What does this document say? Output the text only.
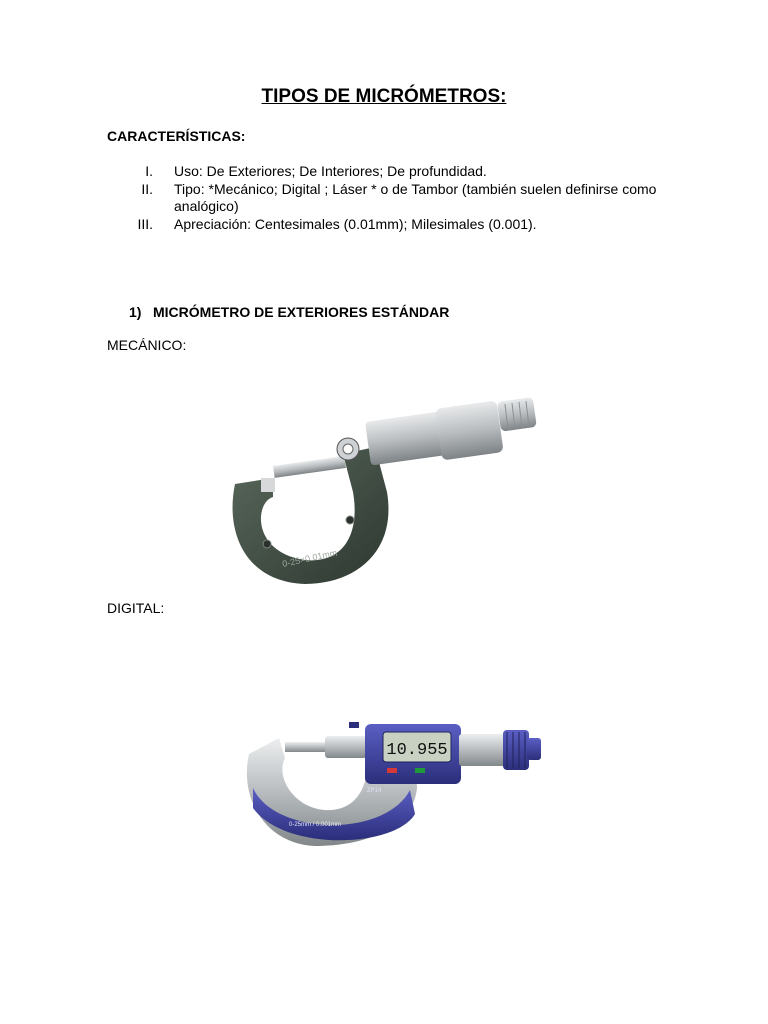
TIPOS DE MICRÓMETROS:
CARACTERÍSTICAS:
I.	Uso: De Exteriores; De Interiores; De profundidad.
II.	Tipo: *Mecánico; Digital ; Láser * o de Tambor (también suelen definirse como analógico)
III.	Apreciación: Centesimales (0.01mm); Milesimales (0.001).
1) MICRÓMETRO DE EXTERIORES ESTÁNDAR
MECÁNICO:
0-25×0.01mm
DIGITAL:
10.955
ZP14
0-25mm / 0.001mm
